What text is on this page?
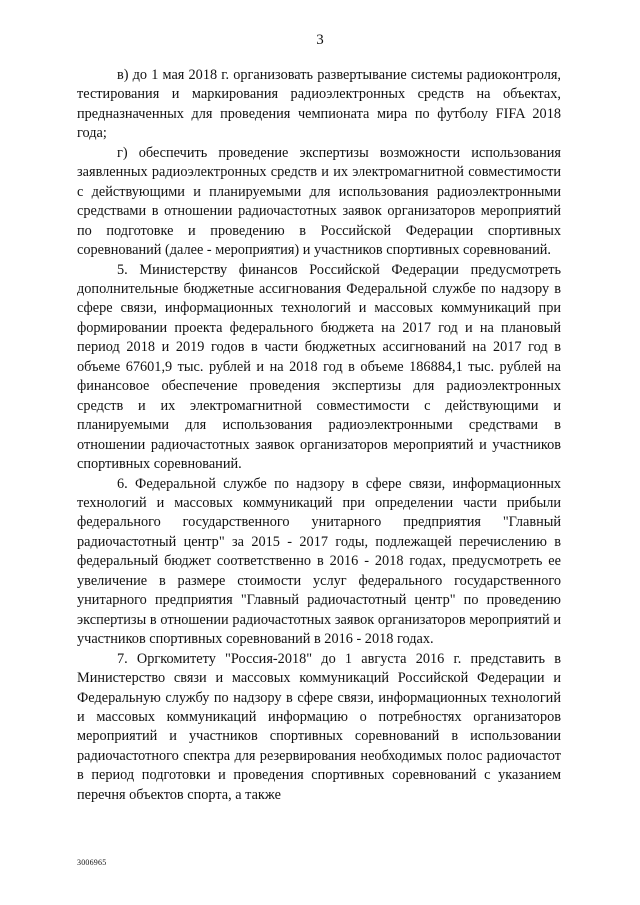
3

в) до 1 мая 2018 г. организовать развертывание системы радиоконтроля, тестирования и маркирования радиоэлектронных средств на объектах, предназначенных для проведения чемпионата мира по футболу FIFA 2018 года;

г) обеспечить проведение экспертизы возможности использования заявленных радиоэлектронных средств и их электромагнитной совместимости с действующими и планируемыми для использования радиоэлектронными средствами в отношении радиочастотных заявок организаторов мероприятий по подготовке и проведению в Российской Федерации спортивных соревнований (далее - мероприятия) и участников спортивных соревнований.

5. Министерству финансов Российской Федерации предусмотреть дополнительные бюджетные ассигнования Федеральной службе по надзору в сфере связи, информационных технологий и массовых коммуникаций при формировании проекта федерального бюджета на 2017 год и на плановый период 2018 и 2019 годов в части бюджетных ассигнований на 2017 год в объеме 67601,9 тыс. рублей и на 2018 год в объеме 186884,1 тыс. рублей на финансовое обеспечение проведения экспертизы для радиоэлектронных средств и их электромагнитной совместимости с действующими и планируемыми для использования радиоэлектронными средствами в отношении радиочастотных заявок организаторов мероприятий и участников спортивных соревнований.

6. Федеральной службе по надзору в сфере связи, информационных технологий и массовых коммуникаций при определении части прибыли федерального государственного унитарного предприятия "Главный радиочастотный центр" за 2015 - 2017 годы, подлежащей перечислению в федеральный бюджет соответственно в 2016 - 2018 годах, предусмотреть ее увеличение в размере стоимости услуг федерального государственного унитарного предприятия "Главный радиочастотный центр" по проведению экспертизы в отношении радиочастотных заявок организаторов мероприятий и участников спортивных соревнований в 2016 - 2018 годах.

7. Оргкомитету "Россия-2018" до 1 августа 2016 г. представить в Министерство связи и массовых коммуникаций Российской Федерации и Федеральную службу по надзору в сфере связи, информационных технологий и массовых коммуникаций информацию о потребностях организаторов мероприятий и участников спортивных соревнований в использовании радиочастотного спектра для резервирования необходимых полос радиочастот в период подготовки и проведения спортивных соревнований с указанием перечня объектов спорта, а также

3006965
